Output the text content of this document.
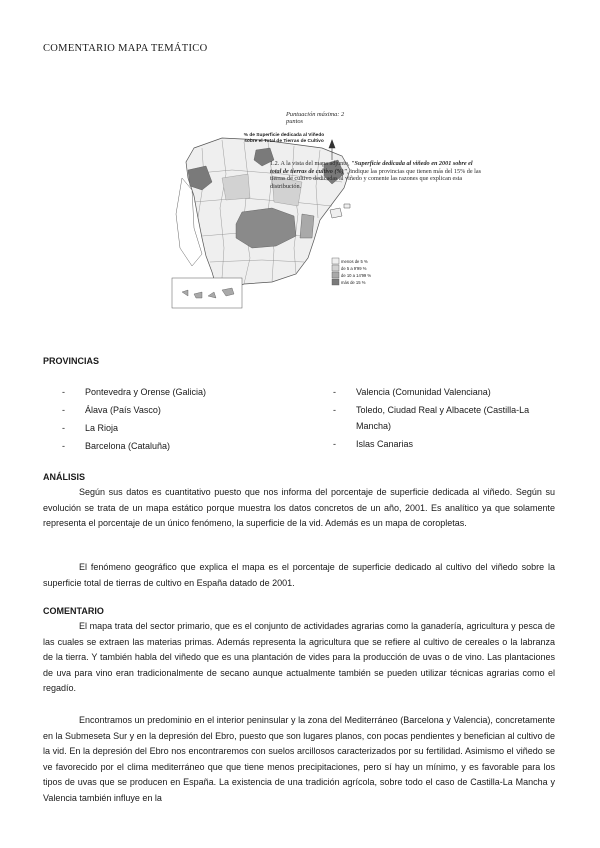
COMENTARIO MAPA TEMÁTICO
1.2. A la vista del mapa adjunto, "Superficie dedicada al viñedo en 2001 sobre el total de tierras de cultivo (%)", indique las provincias que tienen más del 15% de las tierras de cultivo dedicadas al viñedo y comente las razones que explican esta distribución.
Puntuación máxima: 2 puntos
% de Superficie dedicada al Viñedo
sobre el Total de Tierras de Cultivo
menos de 5 %
de 5 a 9'99 %
de 10 a 14'99 %
más de 15 %
PROVINCIAS
- Pontevedra y Orense (Galicia)
- Álava (País Vasco)
- La Rioja
- Barcelona (Cataluña)
- Valencia (Comunidad Valenciana)
- Toledo, Ciudad Real y Albacete (Castilla-La Mancha)
- Islas Canarias
ANÁLISIS
Según sus datos es cuantitativo puesto que nos informa del porcentaje de superficie dedicada al viñedo. Según su evolución se trata de un mapa estático porque muestra los datos concretos de un año, 2001. Es analítico ya que solamente representa el porcentaje de un único fenómeno, la superficie de la vid. Además es un mapa de coropletas.
El fenómeno geográfico que explica el mapa es el porcentaje de superficie dedicado al cultivo del viñedo sobre la superficie total de tierras de cultivo en España datado de 2001.
COMENTARIO
El mapa trata del sector primario, que es el conjunto de actividades agrarias como la ganadería, agricultura y pesca de las cuales se extraen las materias primas. Además representa la agricultura que se refiere al cultivo de cereales o la labranza de la tierra. Y también habla del viñedo que es una plantación de vides para la producción de uvas o de vino. Las plantaciones de uva para vino eran tradicionalmente de secano aunque actualmente también se pueden utilizar técnicas agrarias como el regadío.
Encontramos un predominio en el interior peninsular y la zona del Mediterráneo (Barcelona y Valencia), concretamente en la Submeseta Sur y en la depresión del Ebro, puesto que son lugares planos, con pocas pendientes y benefician al cultivo de la vid. En la depresión del Ebro nos encontraremos con suelos arcillosos caracterizados por su fertilidad. Asimismo el viñedo se ve favorecido por el clima mediterráneo que que tiene menos precipitaciones, pero sí hay un mínimo, y es favorable para los tipos de uvas que se producen en España. La existencia de una tradición agrícola, sobre todo el caso de Castilla-La Mancha y Valencia también influye en la
